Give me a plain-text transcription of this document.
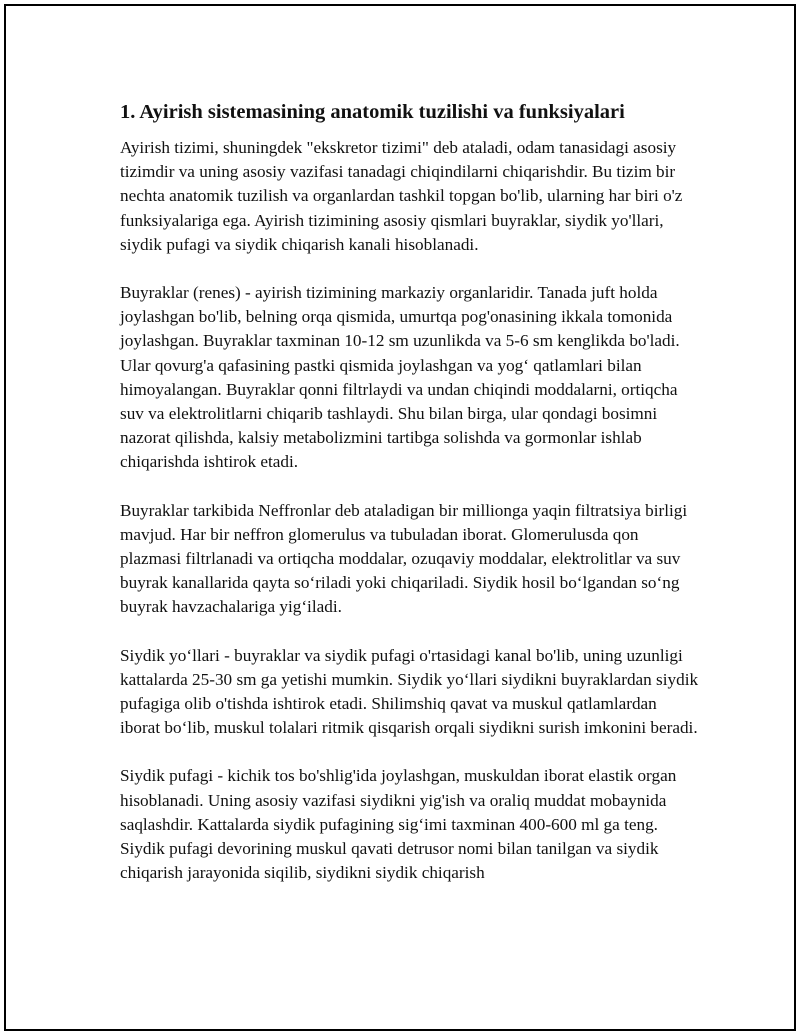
1. Ayirish sistemasining anatomik tuzilishi va funksiyalari

Ayirish tizimi, shuningdek "ekskretor tizimi" deb ataladi, odam tanasidagi asosiy tizimdir va uning asosiy vazifasi tanadagi chiqindilarni chiqarishdir. Bu tizim bir nechta anatomik tuzilish va organlardan tashkil topgan bo'lib, ularning har biri o'z funksiyalariga ega. Ayirish tizimining asosiy qismlari buyraklar, siydik yo'llari, siydik pufagi va siydik chiqarish kanali hisoblanadi.

Buyraklar (renes) - ayirish tizimining markaziy organlaridir. Tanada juft holda joylashgan bo'lib, belning orqa qismida, umurtqa pog'onasining ikkala tomonida joylashgan. Buyraklar taxminan 10-12 sm uzunlikda va 5-6 sm kenglikda bo'ladi. Ular qovurg'a qafasining pastki qismida joylashgan va yog‘ qatlamlari bilan himoyalangan. Buyraklar qonni filtrlaydi va undan chiqindi moddalarni, ortiqcha suv va elektrolitlarni chiqarib tashlaydi. Shu bilan birga, ular qondagi bosimni nazorat qilishda, kalsiy metabolizmini tartibga solishda va gormonlar ishlab chiqarishda ishtirok etadi.

Buyraklar tarkibida Neffronlar deb ataladigan bir millionga yaqin filtratsiya birligi mavjud. Har bir neffron glomerulus va tubuladan iborat. Glomerulusda qon plazmasi filtrlanadi va ortiqcha moddalar, ozuqaviy moddalar, elektrolitlar va suv buyrak kanallarida qayta so‘riladi yoki chiqariladi. Siydik hosil bo‘lgandan so‘ng buyrak havzachalariga yig‘iladi.

Siydik yo‘llari - buyraklar va siydik pufagi o'rtasidagi kanal bo'lib, uning uzunligi kattalarda 25-30 sm ga yetishi mumkin. Siydik yo‘llari siydikni buyraklardan siydik pufagiga olib o'tishda ishtirok etadi. Shilimshiq qavat va muskul qatlamlardan iborat bo‘lib, muskul tolalari ritmik qisqarish orqali siydikni surish imkonini beradi.

Siydik pufagi - kichik tos bo'shlig'ida joylashgan, muskuldan iborat elastik organ hisoblanadi. Uning asosiy vazifasi siydikni yig'ish va oraliq muddat mobaynida saqlashdir. Kattalarda siydik pufagining sig‘imi taxminan 400-600 ml ga teng. Siydik pufagi devorining muskul qavati detrusor nomi bilan tanilgan va siydik chiqarish jarayonida siqilib, siydikni siydik chiqarish
